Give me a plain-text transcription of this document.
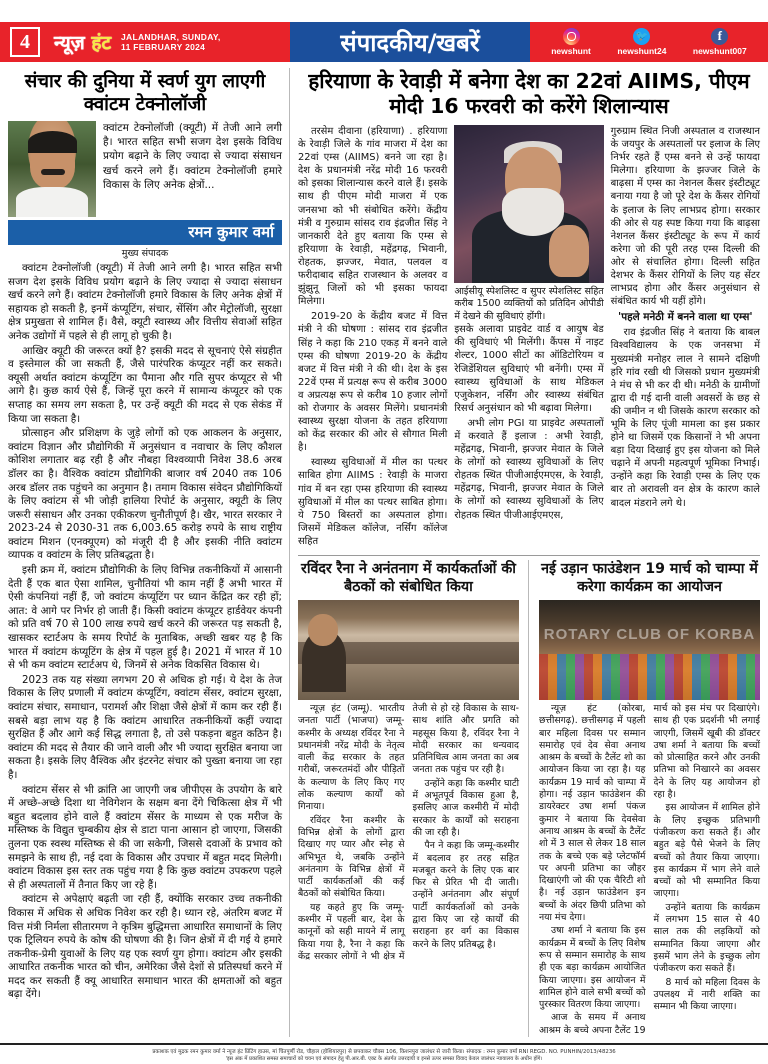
4	न्यूज़ हंट JALANDHAR, SUNDAY,
11 FEBRUARY 2024	संपादकीय/खबरें	newshunt
🐦	newshunt24
f	newshunt007
संचार की दुनिया में स्वर्ण युग लाएगी क्वांटम टेक्नोलॉजी
क्वांटम टेक्नोलॉजी (क्यूटी) में तेजी आने लगी है। भारत सहित सभी सजग देश इसके विविध प्रयोग बढ़ाने के लिए ज्यादा से ज्यादा संसाधन खर्च करने लगे हैं। क्वांटम टेक्नोलॉजी हमारे विकास के लिए अनेक क्षेत्रों...
रमन कुमार वर्मा
मुख्य संपादक

क्वांटम टेक्नोलॉजी (क्यूटी) में तेजी आने लगी है। भारत सहित सभी सजग देश इसके विविध प्रयोग बढ़ाने के लिए ज्यादा से ज्यादा संसाधन खर्च करने लगे हैं। क्वांटम टेक्नोलॉजी हमारे विकास के लिए अनेक क्षेत्रों में सहायक हो सकती है, इनमें कंप्यूटिंग, संचार, सेंसिंग और मेट्रोलॉजी, सुरक्षा क्षेत्र प्रमुखता से शामिल हैं। वैसे, क्यूटी स्वास्थ्य और वित्तीय सेवाओं सहित अनेक उद्योगों में पहले से ही लागू हो चुकी है।

आखिर क्यूटी की जरूरत क्यों है? इसकी मदद से सूचनाएं ऐसे संग्रहीत व इस्तेमाल की जा सकती हैं, जैसे पारंपरिक कंप्यूटर नहीं कर सकते। क्यूसी अर्थात क्वांटम कंप्यूटिंग का पैमाना और गति सुपर कंप्यूटर से भी आगे है। कुछ कार्य ऐसे हैं, जिन्हें पूरा करने में सामान्य कंप्यूटर को एक सप्ताह का समय लग सकता है, पर उन्हें क्यूटी की मदद से एक सेकंड में किया जा सकता है।

प्रोत्साहन और प्रशिक्षण के जुड़े लोगों को एक आकलन के अनुसार, क्वांटम विज्ञान और प्रौद्योगिकी में अनुसंधान व नवाचार के लिए कौशल कोशिश लगातार बढ़ रही है और नौबहा विश्वव्यापी निवेश 38.6 अरब डॉलर का है। वैश्विक क्वांटम प्रौद्योगिकी बाजार वर्ष 2040 तक 106 अरब डॉलर तक पहुंचने का अनुमान है। तमाम विकास संवेदन प्रौद्योगिकियों के लिए क्वांटम से भी जोड़ी हालिया रिपोर्ट के अनुसार, क्यूटी के लिए जरूरी संसाधन और उनका एकीकरण चुनौतीपूर्ण है। खैर, भारत सरकार ने 2023-24 से 2030-31 तक 6,003.65 करोड़ रुपये के साथ राष्ट्रीय क्वांटम मिशन (एनक्यूएम) को मंजूरी दी है और इसकी नीति क्वांटम व्यापक व क्वांटम के लिए प्रतिबद्धता है।

इसी क्रम में, क्वांटम प्रौद्योगिकी के लिए विभिन्न तकनीकियों में आसानी देती हैं एक बात ऐसा शामिल, चुनौतियां भी काम नहीं हैं अभी भारत में ऐसी कंपनियां नहीं हैं, जो क्वांटम कंप्यूटिंग पर ध्यान केंद्रित कर रही हों; आत: वे आगे पर निर्भर हो जाती हैं। किसी क्वांटम कंप्यूटर हार्डवेयर कंपनी को प्रति वर्ष 70 से 100 लाख रुपये खर्च करने की जरूरत पड़ सकती है, खासकर स्टार्टअप के समय रिपोर्ट के मुताबिक, अच्छी खबर यह है कि भारत में क्वांटम कंप्यूटिंग के क्षेत्र में पहल हुई है। 2021 में भारत में 10 से भी कम क्वांटम स्टार्टअप थे, जिनमें से अनेक विकसित विकास थे।

2023 तक यह संख्या लगभग 20 से अधिक हो गई। ये देश के तेज विकास के लिए प्रणाली में क्वांटम कंप्यूटिंग, क्वांटम सेंसर, क्वांटम सुरक्षा, क्वांटम संचार, समाधान, परामर्श और शिक्षा जैसे क्षेत्रों में काम कर रही हैं। सबसे बड़ा लाभ यह है कि क्वांटम आधारित तकनीकियों कहीं ज्यादा सुरक्षित हैं और आगे कई सिद्ध लगाता है, तो उसे पकड़ना बहुत कठिन है। क्वांटम की मदद से तैयार की जाने वाली और भी ज्यादा सुरक्षित बनाया जा सकता है। इसके लिए वैश्विक और इंटरनेट संचार को पुख्ता बनाया जा रहा है।

क्वांटम सेंसर से भी क्रांति आ जाएगी जब जीपीएस के उपयोग के बारे में अच्छे-अच्छे दिशा था नेविगेशन के सक्षम बना देंगे चिकित्सा क्षेत्र में भी बहुत बदलाव होने वाले हैं क्वांटम सेंसर के माध्यम से एक मरीज के मस्तिष्क के विद्युत चुम्बकीय क्षेत्र से डाटा पाना आसान हो जाएगा, जिसकी तुलना एक स्वस्थ मस्तिष्क से की जा सकेगी, जिससे दवाओं के प्रभाव को समझने के साथ ही, नई दवा के विकास और उपचार में बहुत मदद मिलेगी। क्वांटम विकास इस स्तर तक पहुंच गया है कि कुछ क्वांटम उपकरण पहले से ही अस्पतालों में तैनात किए जा रहे हैं।

क्वांटम से अपेक्षाएं बढ़ती जा रही हैं, क्योंकि सरकार उच्च तकनीकी विकास में अधिक से अधिक निवेश कर रही है। ध्यान रहे, अंतरिम बजट में वित्त मंत्री निर्मला सीतारमण ने कृत्रिम बुद्धिमत्ता आधारित समाधानों के लिए एक ट्रिलियन रुपये के कोष की घोषणा की है। जिन क्षेत्रों में दी गई ये हमारे तकनीक-प्रेमी युवाओं के लिए यह एक स्वर्ण युग होगा। क्वांटम और इसकी आधारित तकनीक भारत को चीन, अमेरिका जैसे देशों से प्रतिस्पर्धा करने में मदद कर सकती हैं क्यू आधारित समाधान भारत की क्षमताओं को बहुत बढ़ा देंगे।

हरियाणा के रेवाड़ी में बनेगा देश का 22वां AIIMS, पीएम मोदी 16 फरवरी को करेंगे शिलान्यास

तरसेम दीवाना (हरियाणा) . हरियाणा के रेवाड़ी जिले के गांव माजरा में देश का 22वां एम्स (AIIMS) बनने जा रहा है। देश के प्रधानमंत्री नरेंद्र मोदी 16 फरवरी को इसका शिलान्यास करने वाले हैं। इसके साथ ही पीएम मोदी माजरा में एक जनसभा को भी संबोधित करेंगे। केंद्रीय मंत्री व गुरुग्राम सांसद राव इंद्रजीत सिंह ने जानकारी देते हुए बताया कि एम्स से हरियाणा के रेवाड़ी, महेंद्रगढ़, भिवानी, रोहतक, झज्जर, मेवात, पलवल व फरीदाबाद सहित राजस्थान के अलवर व झुंझुनू जिलों को भी इसका फायदा मिलेगा।

2019-20 के केंद्रीय बजट में वित्त मंत्री ने की घोषणा : सांसद राव इंद्रजीत सिंह ने कहा कि 210 एकड़ में बनने वाले एम्स की घोषणा 2019-20 के केंद्रीय बजट में वित्त मंत्री ने की थी। देश के इस 22वें एम्स में प्रत्यक्ष रूप से करीब 3000 व अप्रत्यक्ष रूप से करीब 10 हजार लोगों को रोजगार के अवसर मिलेंगे। प्रधानमंत्री स्वास्थ्य सुरक्षा योजना के तहत हरियाणा को केंद्र सरकार की ओर से सौगात मिली है।

स्वास्थ्य सुविधाओं में मील का पत्थर साबित होगा AIIMS : रेवाड़ी के माजरा गांव में बन रहा एम्स हरियाणा की स्वास्थ्य सुविधाओं में मील का पत्थर साबित होगा। ये 750 बिस्तरों का अस्पताल होगा। जिसमें मेडिकल कॉलेज, नर्सिंग कॉलेज सहित

आईसीयू स्पेशलिस्ट व सुपर स्पेशलिस्ट सहित करीब 1500 व्यक्तियों को प्रतिदिन ओपीडी में देखने की सुविधाएं होंगी।

इसके अलावा प्राइवेट वार्ड व आयुष बेड की सुविधाएं भी मिलेंगी। कैंपस में नाइट शेल्टर, 1000 सीटों का ऑडिटोरियम व रेजिडेंशियल सुविधाएं भी बनेंगी। एम्स में स्वास्थ्य सुविधाओं के साथ मेडिकल एजुकेशन, नर्सिंग और स्वास्थ्य संबंधित रिसर्च अनुसंधान को भी बढ़ावा मिलेगा।

अभी लोग PGI या प्राइवेट अस्पतालों में करवाते हैं इलाज : अभी रेवाड़ी, महेंद्रगढ़, भिवानी, झज्जर मेवात के जिले के लोगों को स्वास्थ्य सुविधाओं के लिए रोहतक स्थित पीजीआईएमएस, के रेवाड़ी, महेंद्रगढ़, भिवानी, झज्जर मेवात के जिले के लोगों को स्वास्थ्य सुविधाओं के लिए रोहतक स्थित पीजीआईएमएस,

गुरुग्राम स्थित निजी अस्पताल व राजस्थान के जयपुर के अस्पतालों पर इलाज के लिए निर्भर रहते हैं एम्स बनने से उन्हें फायदा मिलेगा। हरियाणा के झज्जर जिले के बाढ़सा में एम्स का नेशनल कैंसर इंस्टीट्यूट बनाया गया है जो पूरे देश के कैंसर रोगियों के इलाज के लिए लाभप्रद होगा। सरकार की ओर से यह स्पष्ट किया गया कि बाढ़सा नेशनल कैंसर इंस्टीट्यूट के रूप में कार्य करेगा जो की पूरी तरह एम्स दिल्ली की ओर से संचालित होगा। दिल्ली सहित देशभर के कैंसर रोगियों के लिए यह सेंटर लाभप्रद होगा और कैंसर अनुसंधान से संबंधित कार्य भी यहीं होंगे।

'पहले मनेठी में बनने वाला था एम्स'

राव इंद्रजीत सिंह ने बताया कि बाबल विश्वविद्यालय के एक जनसभा में मुख्यमंत्री मनोहर लाल ने सामने दक्षिणी हरि गांव रखी थी जिसको प्रधान मुख्यमंत्री ने मंच से भी कर दी थी। मनेठी के ग्रामीणों द्वारा दी गई दानी वाली अवसरों के छह से की जमीन न थी जिसके कारण सरकार को भूमि के लिए पूंजी मामला का इस प्रकार होने था जिसमें एक किसानों ने भी अपना बड़ा दिया दिखाई हुए इस योजना को मिले चढ़ाने में अपनी महत्वपूर्ण भूमिका निभाई। उन्होंने कहा कि रेवाड़ी एम्स के लिए एक बार तो अरावली वन क्षेत्र के कारण काले बादल मंडराने लगे थे।

रविंदर रैना ने अनंतनाग में कार्यकर्ताओं की बैठकों को संबोधित किया

न्यूज़ हंट (जम्मू). भारतीय जनता पार्टी (भाजपा) जम्मू-कश्मीर के अध्यक्ष रविंदर रैना ने प्रधानमंत्री नरेंद्र मोदी के नेतृत्व वाली केंद्र सरकार के तहत गरीबों, जरूरतमंदों और पीड़ितों के कल्याण के लिए किए गए लोक कल्याण कार्यों को गिनाया।

रविंदर रैना कश्मीर के विभिन्न क्षेत्रों के लोगों द्वारा दिखाए गए प्यार और स्नेह से अभिभूत थे, जबकि उन्होंने अनंतनाग के विभिन्न क्षेत्रों में पार्टी कार्यकर्ताओं की कई बैठकों को संबोधित किया।

यह कहते हुए कि जम्मू-कश्मीर में पहली बार, देश के कानूनों को सही मायने में लागू किया गया है, रैना ने कहा कि केंद्र सरकार लोगों ने भी क्षेत्र में तेजी से हो रहे विकास के साथ-साथ शांति और प्रगति को महसूस किया है, रविंदर रैना ने मोदी सरकार का धन्यवाद प्रतिनिधित्व आम जनता का अब जनता तक पहुंच पर रही है।

उन्होंने कहा कि कश्मीर घाटी में अभूतपूर्व विकास हुआ है, इसलिए आज कश्मीरी में मोदी सरकार के कार्यों को सराहना की जा रही है।

पैन ने कहा कि जम्मू-कश्मीर में बदलाव हर तरह सहित मजबूत करने के लिए एक बार फिर से प्रेरित भी दी जाती। उन्होंने अनंतनाग और संपूर्ण पार्टी कार्यकर्ताओं को उनके द्वारा किए जा रहे कार्यों की सराहना हर वर्ग का विकास करने के लिए प्रतिबद्ध है।

नई उड़ान फाउंडेशन 19 मार्च को चाम्पा में करेगा कार्यक्रम का आयोजन
ROTARY CLUB OF KORBA

न्यूज़ हंट (कोरबा, छत्तीसगढ़). छत्तीसगढ़ में पहली बार महिला दिवस पर सम्मान समारोह एवं देव सेवा अनाथ आश्रम के बच्चों के टैलेंट शो का आयोजन किया जा रहा है। यह कार्यक्रम 19 मार्च को चाम्पा में होगा। नई उड़ान फाउंडेशन की डायरेक्टर उषा शर्मा पंकज कुमार ने बताया कि देवसेवा अनाथ आश्रम के बच्चों के टैलेंट शो में 3 साल से लेकर 18 साल तक के बच्चे एक बड़े प्लेटफॉर्म पर अपनी प्रतिभा का जौहर दिखाएंगी जो की एक चैरिटी शो है। नई उड़ान फाउंडेशन इन बच्चों के अंदर छिपी प्रतिभा को नया मंच देगा।

उषा शर्मा ने बताया कि इस कार्यक्रम में बच्चों के लिए विशेष रूप से सम्मान समारोह के साथ ही एक बड़ा कार्यक्रम आयोजित किया जाएगा। इस आयोजन में शामिल होने वाले सभी बच्चों को पुरस्कार वितरण किया जाएगा।

आज के समय में अनाथ आश्रम के बच्चे अपना टैलेंट 19 मार्च को इस मंच पर दिखाएंगे। साथ ही एक प्रदर्शनी भी लगाई जाएगी, जिसमें खूबी की डॉक्टर उषा शर्मा ने बताया कि बच्चों को प्रोत्साहित करने और उनकी प्रतिभा को निखारने का अवसर देने के लिए यह आयोजन हो रहा है।

इस आयोजन में शामिल होने के लिए इच्छुक प्रतिभागी पंजीकरण करा सकते हैं। और बहुत बड़े पैसे भेजने के लिए बच्चों को तैयार किया जाएगा। इस कार्यक्रम में भाग लेने वाले बच्चों को भी सम्मानित किया जाएगा।

उन्होंने बताया कि कार्यक्रम में लगभग 15 साल से 40 साल तक की लड़कियों को सम्मानित किया जाएगा और इसमें भाग लेने के इच्छुक लोग पंजीकरण करा सकते हैं।

8 मार्च को महिला दिवस के उपलक्ष्य में नारी शक्ति का सम्मान भी किया जाएगा।

प्रकाशक एवं मुद्रक रमन कुमार वर्मा ने न्यूज हंट प्रिंटिंग हाउस, मां चिंतपूर्णी रोड, चौहाल (होशियारपुर) से छपवाकर चौक्स 106, किशनपुरा जालंधर से जारी किया। संपादक : रमन कुमार वर्मा RNI REGD. NO. PUNHIN/2013/48236

'इस अंक में प्रकाशित समस्त समाचारों को चयन एवं संपादन हेतु पी.आर.बी. एक्ट के अंतर्गत उत्तरदायी व इनसे ऊपर समस्त विवाद केवल जालंधर न्यायालय के अधीन होंगे।
